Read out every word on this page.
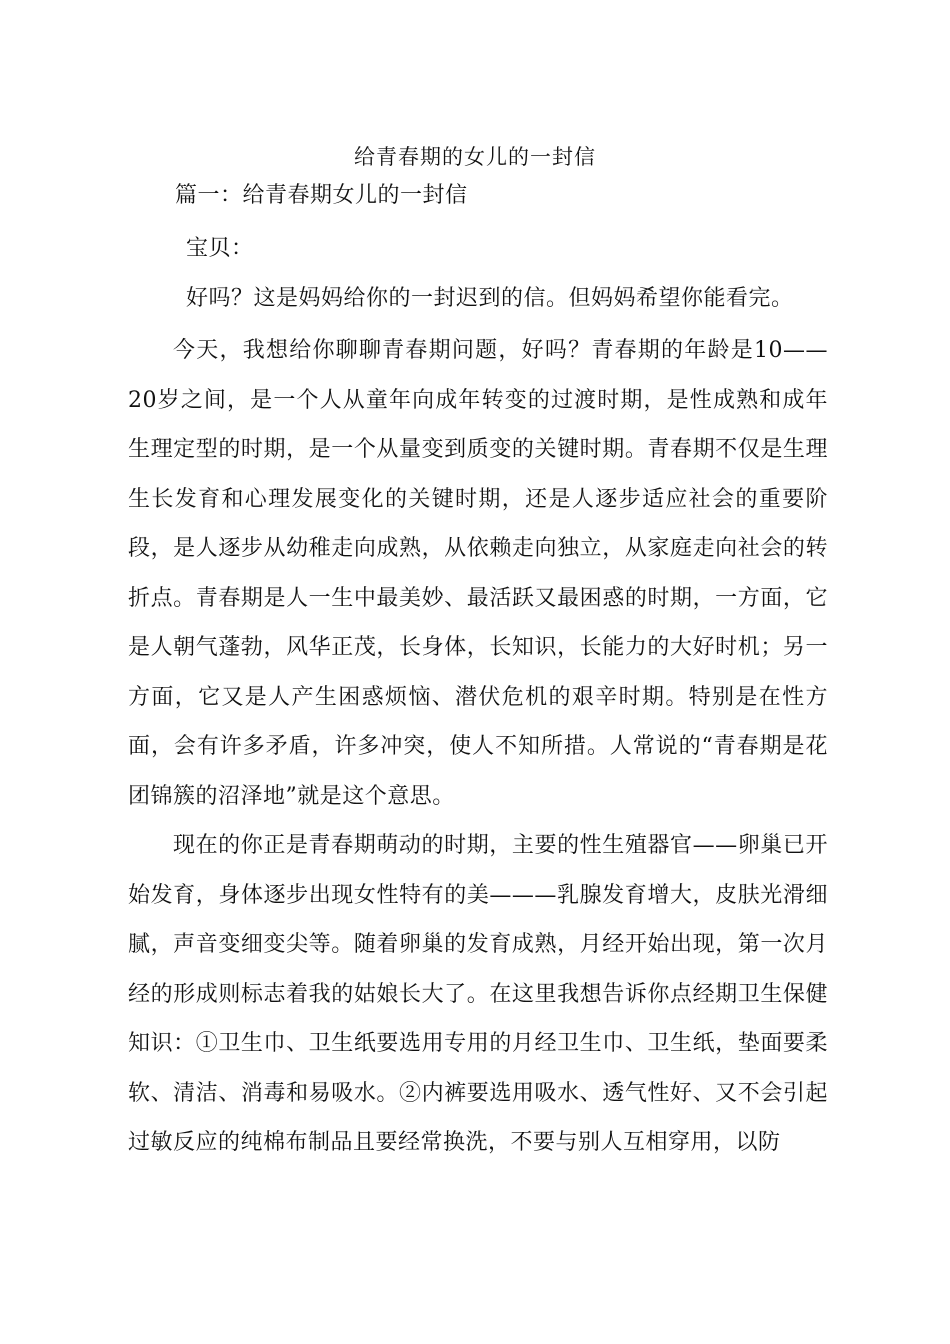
给青春期的女儿的一封信
篇一：给青春期女儿的一封信
宝贝：
好吗？这是妈妈给你的一封迟到的信。但妈妈希望你能看完。
今天，我想给你聊聊青春期问题，好吗？青春期的年龄是10——20岁之间，是一个人从童年向成年转变的过渡时期，是性成熟和成年生理定型的时期，是一个从量变到质变的关键时期。青春期不仅是生理生长发育和心理发展变化的关键时期，还是人逐步适应社会的重要阶段，是人逐步从幼稚走向成熟，从依赖走向独立，从家庭走向社会的转折点。青春期是人一生中最美妙、最活跃又最困惑的时期，一方面，它是人朝气蓬勃，风华正茂，长身体，长知识，长能力的大好时机；另一方面，它又是人产生困惑烦恼、潜伏危机的艰辛时期。特别是在性方面，会有许多矛盾，许多冲突，使人不知所措。人常说的“青春期是花团锦簇的沼泽地”就是这个意思。
现在的你正是青春期萌动的时期，主要的性生殖器官——卵巢已开始发育，身体逐步出现女性特有的美———乳腺发育增大，皮肤光滑细腻，声音变细变尖等。随着卵巢的发育成熟，月经开始出现，第一次月经的形成则标志着我的姑娘长大了。在这里我想告诉你点经期卫生保健知识：①卫生巾、卫生纸要选用专用的月经卫生巾、卫生纸，垫面要柔软、清洁、消毒和易吸水。②内裤要选用吸水、透气性好、又不会引起过敏反应的纯棉布制品且要经常换洗，不要与别人互相穿用，以防
